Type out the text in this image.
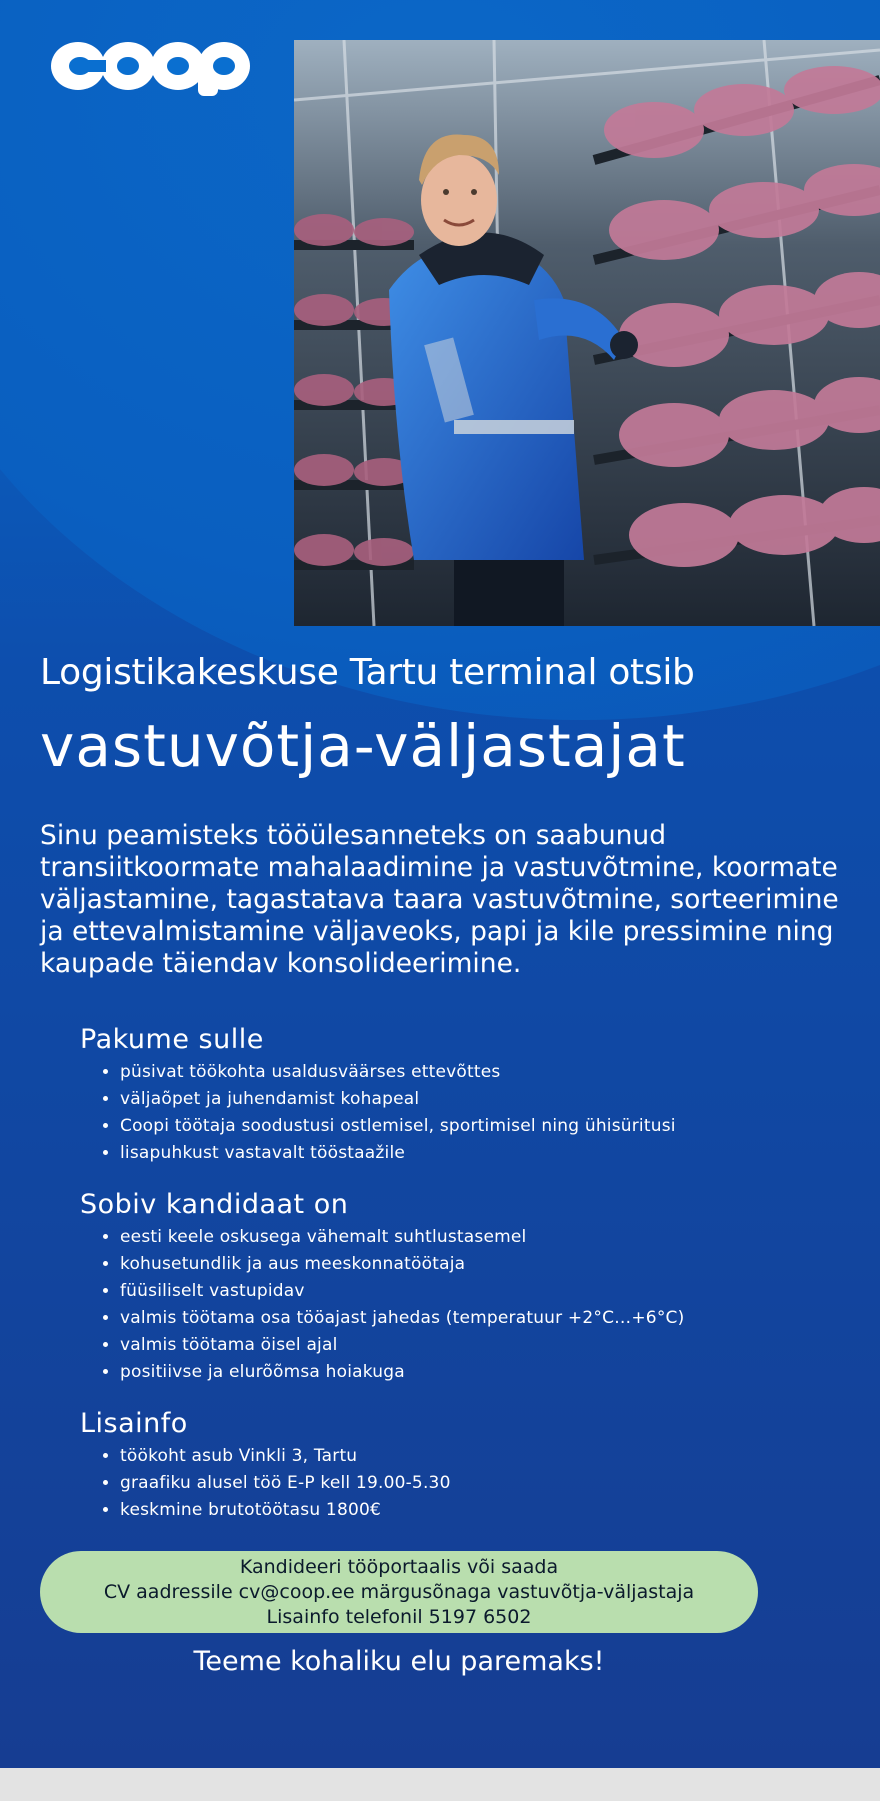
Logistikakeskuse Tartu terminal otsib
vastuvõtja-väljastajat
Sinu peamisteks tööülesanneteks on saabunud transiitkoormate mahalaadimine ja vastuvõtmine, koormate väljastamine, tagastatava taara vastuvõtmine, sorteerimine ja ettevalmistamine väljaveoks, papi ja kile pressimine ning kaupade täiendav konsolideerimine.
Pakume sulle
• püsivat töökohta usaldusväärses ettevõttes
• väljaõpet ja juhendamist kohapeal
• Coopi töötaja soodustusi ostlemisel, sportimisel ning ühisüritusi
• lisapuhkust vastavalt tööstaažile
Sobiv kandidaat on
• eesti keele oskusega vähemalt suhtlustasemel
• kohusetundlik ja aus meeskonnatöötaja
• füüsiliselt vastupidav
• valmis töötama osa tööajast jahedas (temperatuur +2°C…+6°C)
• valmis töötama öisel ajal
• positiivse ja elurõõmsa hoiakuga
Lisainfo
• töökoht asub Vinkli 3, Tartu
• graafiku alusel töö E-P kell 19.00-5.30
• keskmine brutotöötasu 1800€
Kandideeri tööportaalis või saada
CV aadressile cv@coop.ee märgusõnaga vastuvõtja-väljastaja
Lisainfo telefonil 5197 6502
Teeme kohaliku elu paremaks!
